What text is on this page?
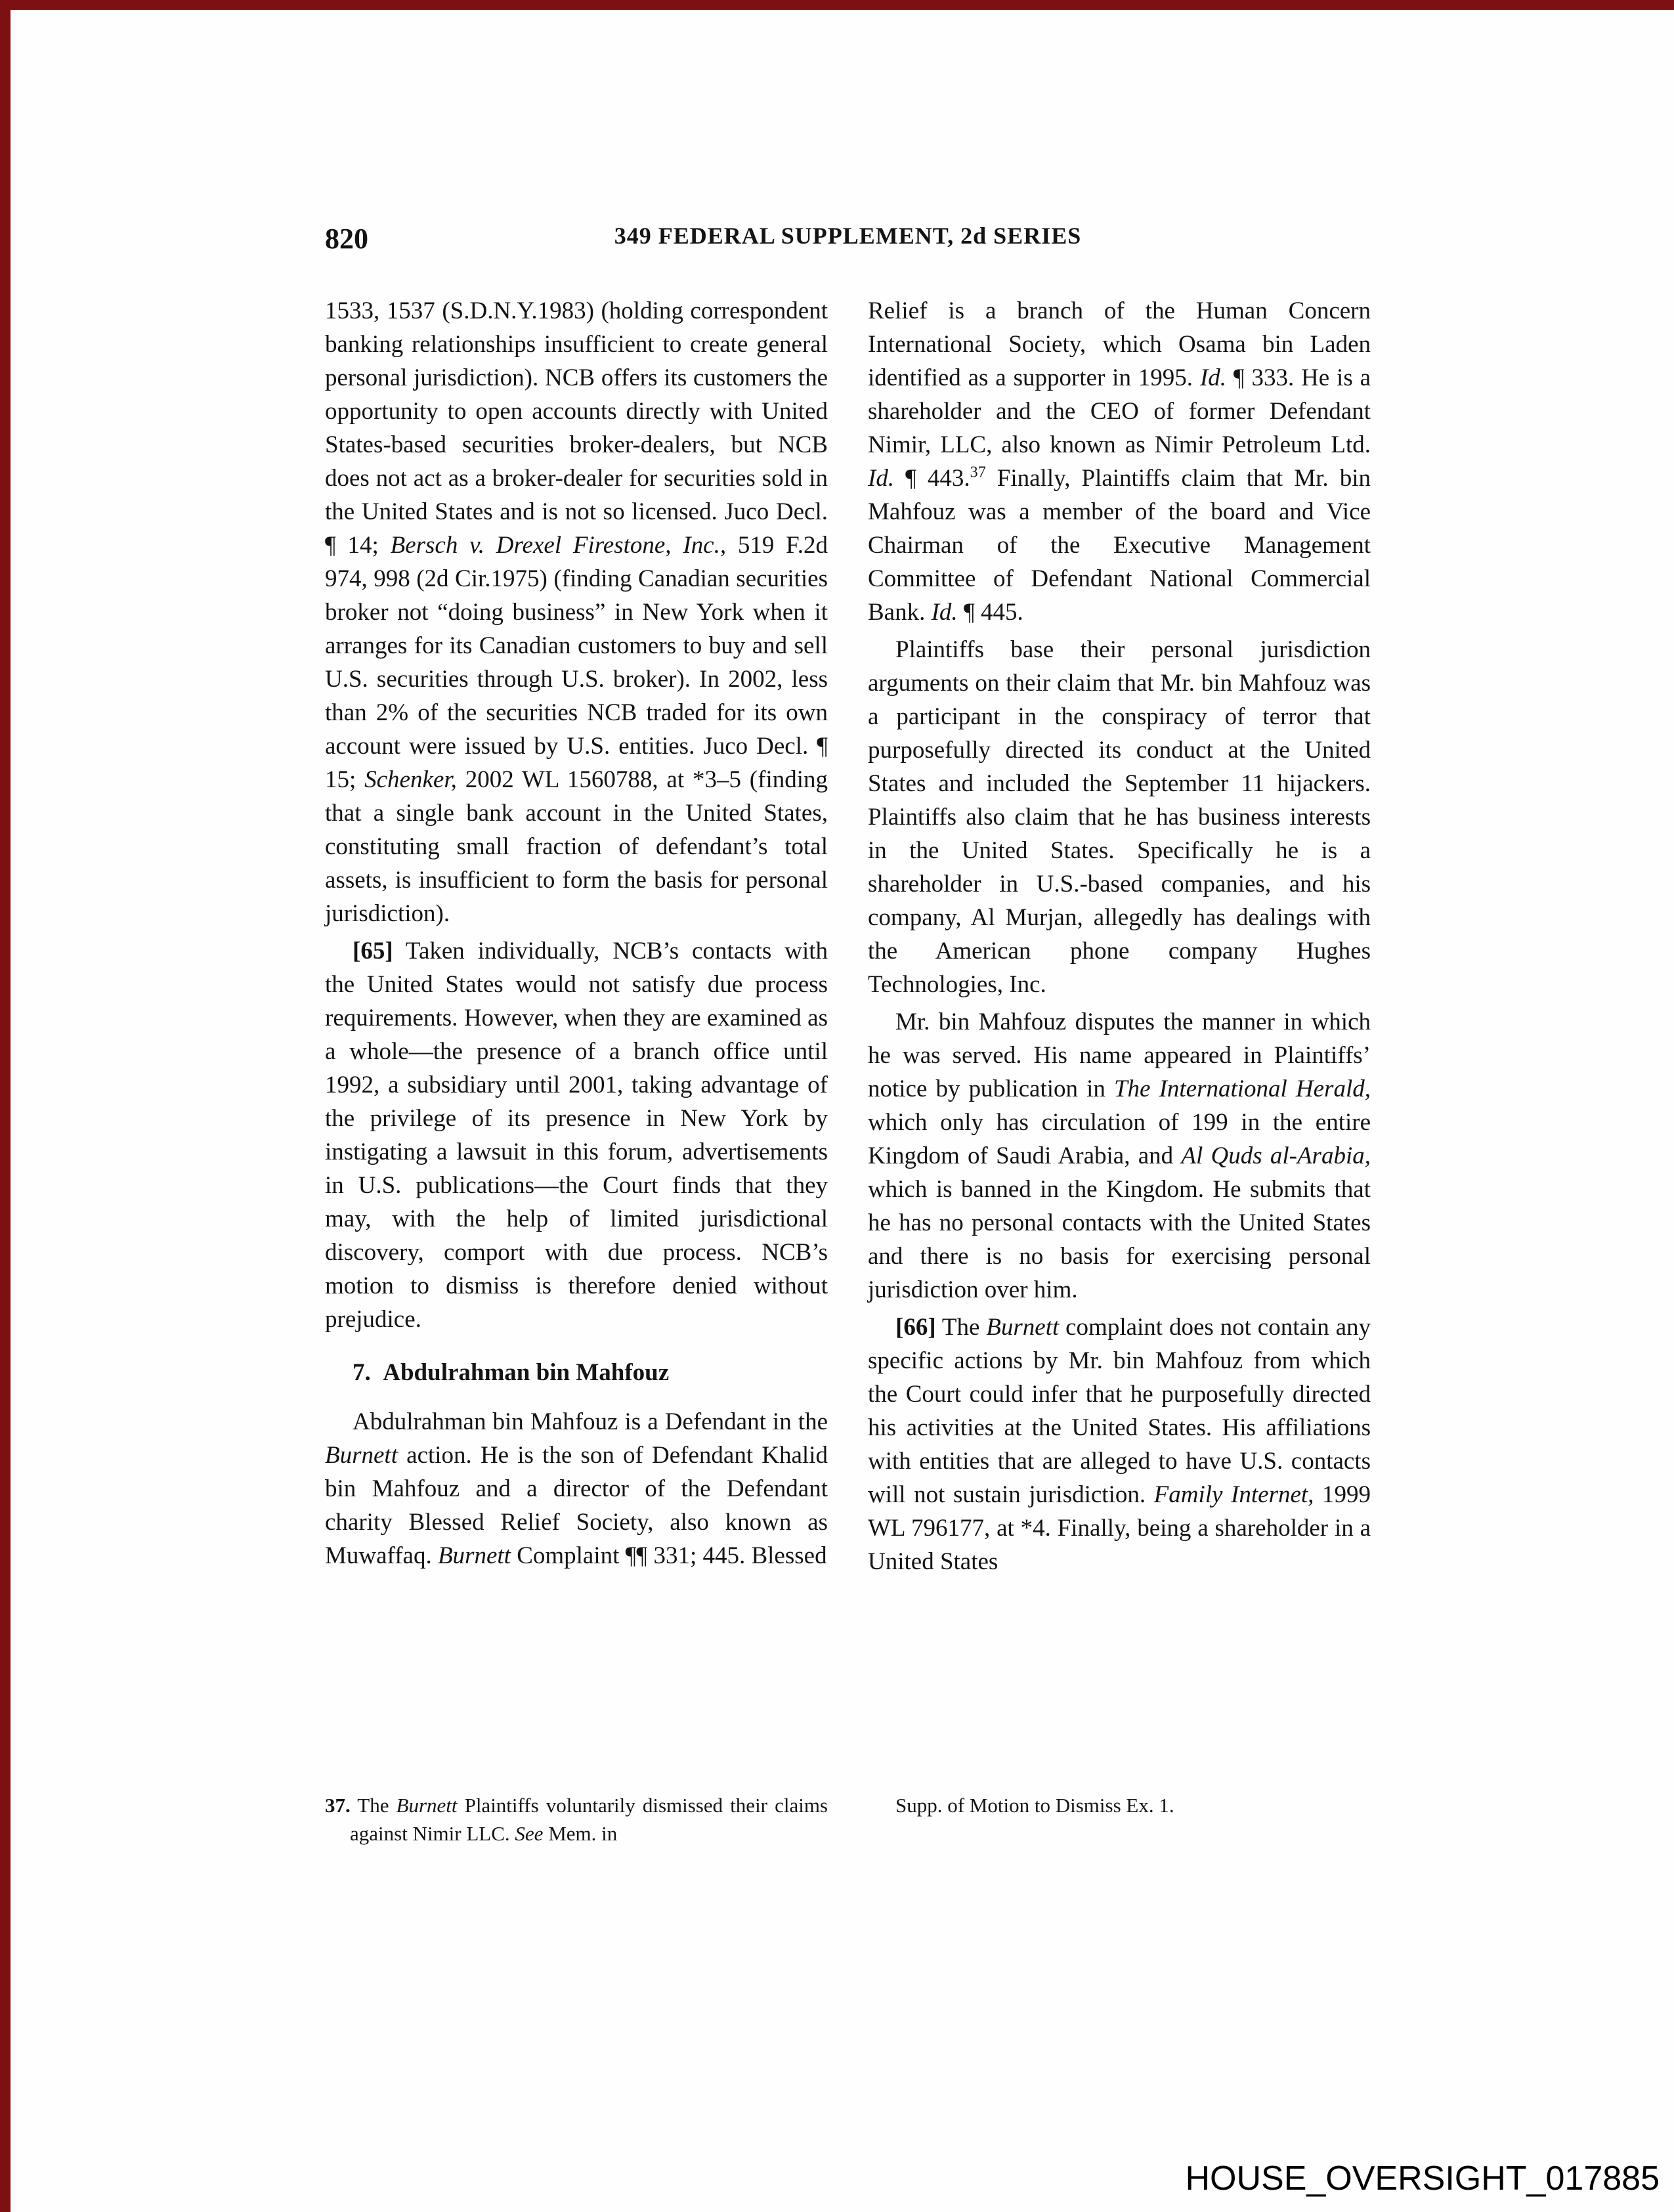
820	349 FEDERAL SUPPLEMENT, 2d SERIES

1533, 1537 (S.D.N.Y.1983) (holding correspondent banking relationships insufficient to create general personal jurisdiction). NCB offers its customers the opportunity to open accounts directly with United States-based securities broker-dealers, but NCB does not act as a broker-dealer for securities sold in the United States and is not so licensed. Juco Decl. ¶ 14; Bersch v. Drexel Firestone, Inc., 519 F.2d 974, 998 (2d Cir.1975) (finding Canadian securities broker not “doing business” in New York when it arranges for its Canadian customers to buy and sell U.S. securities through U.S. broker). In 2002, less than 2% of the securities NCB traded for its own account were issued by U.S. entities. Juco Decl. ¶ 15; Schenker, 2002 WL 1560788, at *3–5 (finding that a single bank account in the United States, constituting small fraction of defendant’s total assets, is insufficient to form the basis for personal jurisdiction).

[65] Taken individually, NCB’s contacts with the United States would not satisfy due process requirements. However, when they are examined as a whole—the presence of a branch office until 1992, a subsidiary until 2001, taking advantage of the privilege of its presence in New York by instigating a lawsuit in this forum, advertisements in U.S. publications—the Court finds that they may, with the help of limited jurisdictional discovery, comport with due process. NCB’s motion to dismiss is therefore denied without prejudice.

7. Abdulrahman bin Mahfouz

Abdulrahman bin Mahfouz is a Defendant in the Burnett action. He is the son of Defendant Khalid bin Mahfouz and a director of the Defendant charity Blessed Relief Society, also known as Muwaffaq. Burnett Complaint ¶¶ 331; 445. Blessed

Relief is a branch of the Human Concern International Society, which Osama bin Laden identified as a supporter in 1995. Id. ¶ 333. He is a shareholder and the CEO of former Defendant Nimir, LLC, also known as Nimir Petroleum Ltd. Id. ¶ 443.37 Finally, Plaintiffs claim that Mr. bin Mahfouz was a member of the board and Vice Chairman of the Executive Management Committee of Defendant National Commercial Bank. Id. ¶ 445.

Plaintiffs base their personal jurisdiction arguments on their claim that Mr. bin Mahfouz was a participant in the conspiracy of terror that purposefully directed its conduct at the United States and included the September 11 hijackers. Plaintiffs also claim that he has business interests in the United States. Specifically he is a shareholder in U.S.-based companies, and his company, Al Murjan, allegedly has dealings with the American phone company Hughes Technologies, Inc.

Mr. bin Mahfouz disputes the manner in which he was served. His name appeared in Plaintiffs’ notice by publication in The International Herald, which only has circulation of 199 in the entire Kingdom of Saudi Arabia, and Al Quds al-Arabia, which is banned in the Kingdom. He submits that he has no personal contacts with the United States and there is no basis for exercising personal jurisdiction over him.

[66] The Burnett complaint does not contain any specific actions by Mr. bin Mahfouz from which the Court could infer that he purposefully directed his activities at the United States. His affiliations with entities that are alleged to have U.S. contacts will not sustain jurisdiction. Family Internet, 1999 WL 796177, at *4. Finally, being a shareholder in a United States

37. The Burnett Plaintiffs voluntarily dismissed their claims against Nimir LLC. See Mem. in

Supp. of Motion to Dismiss Ex. 1.

HOUSE_OVERSIGHT_017885
